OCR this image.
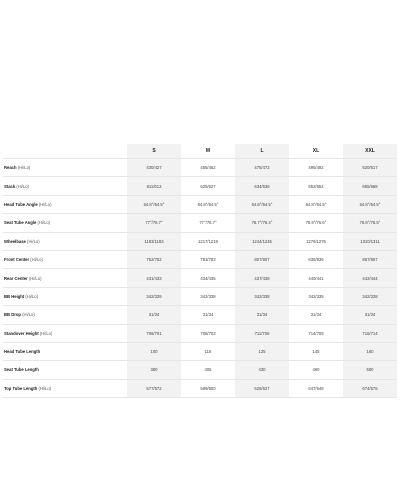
	S	M	L	XL	XXL
Reach (Hi/Lo)	430/427	455/452	475/472	495/492	520/517
Stack (Hi/Lo)	611/613	625/627	634/636	652/654	665/668
Head Tube Angle (Hi/Lo)	64.8°/64.5°	64.8°/64.5°	64.8°/64.5°	64.8°/64.5°	64.8°/64.5°
Seat Tube Angle (Hi/Lo)	77°/76.7°	77°/76.7°	76.7°/76.4°	76.9°/76.6°	76.8°/76.5°
Wheelbase (Hi/Lo)	1183/1183	1217/1219	1244/1245	1276/1276	1310/1311
Front Center (Hi/Lo)	752/752	783/783	807/807	836/836	867/867
Rear Center (Hi/Lo)	431/433	434/435	437/438	440/441	442/444
BB Height (Hi/Lo)	342/339	342/338	342/338	342/338	342/338
BB Drop (Hi/Lo)	31/34	31/34	31/34	31/34	31/34
Standover Height (Hi/Lo)	706/701	708/703	711/706	714/709	716/714
Head Tube Length	100	115	125	145	160
Seat Tube Length	380	405	430	460	500
Top Tube Length (Hi/Lo)	577/572	599/600	626/627	647/648	674/675
